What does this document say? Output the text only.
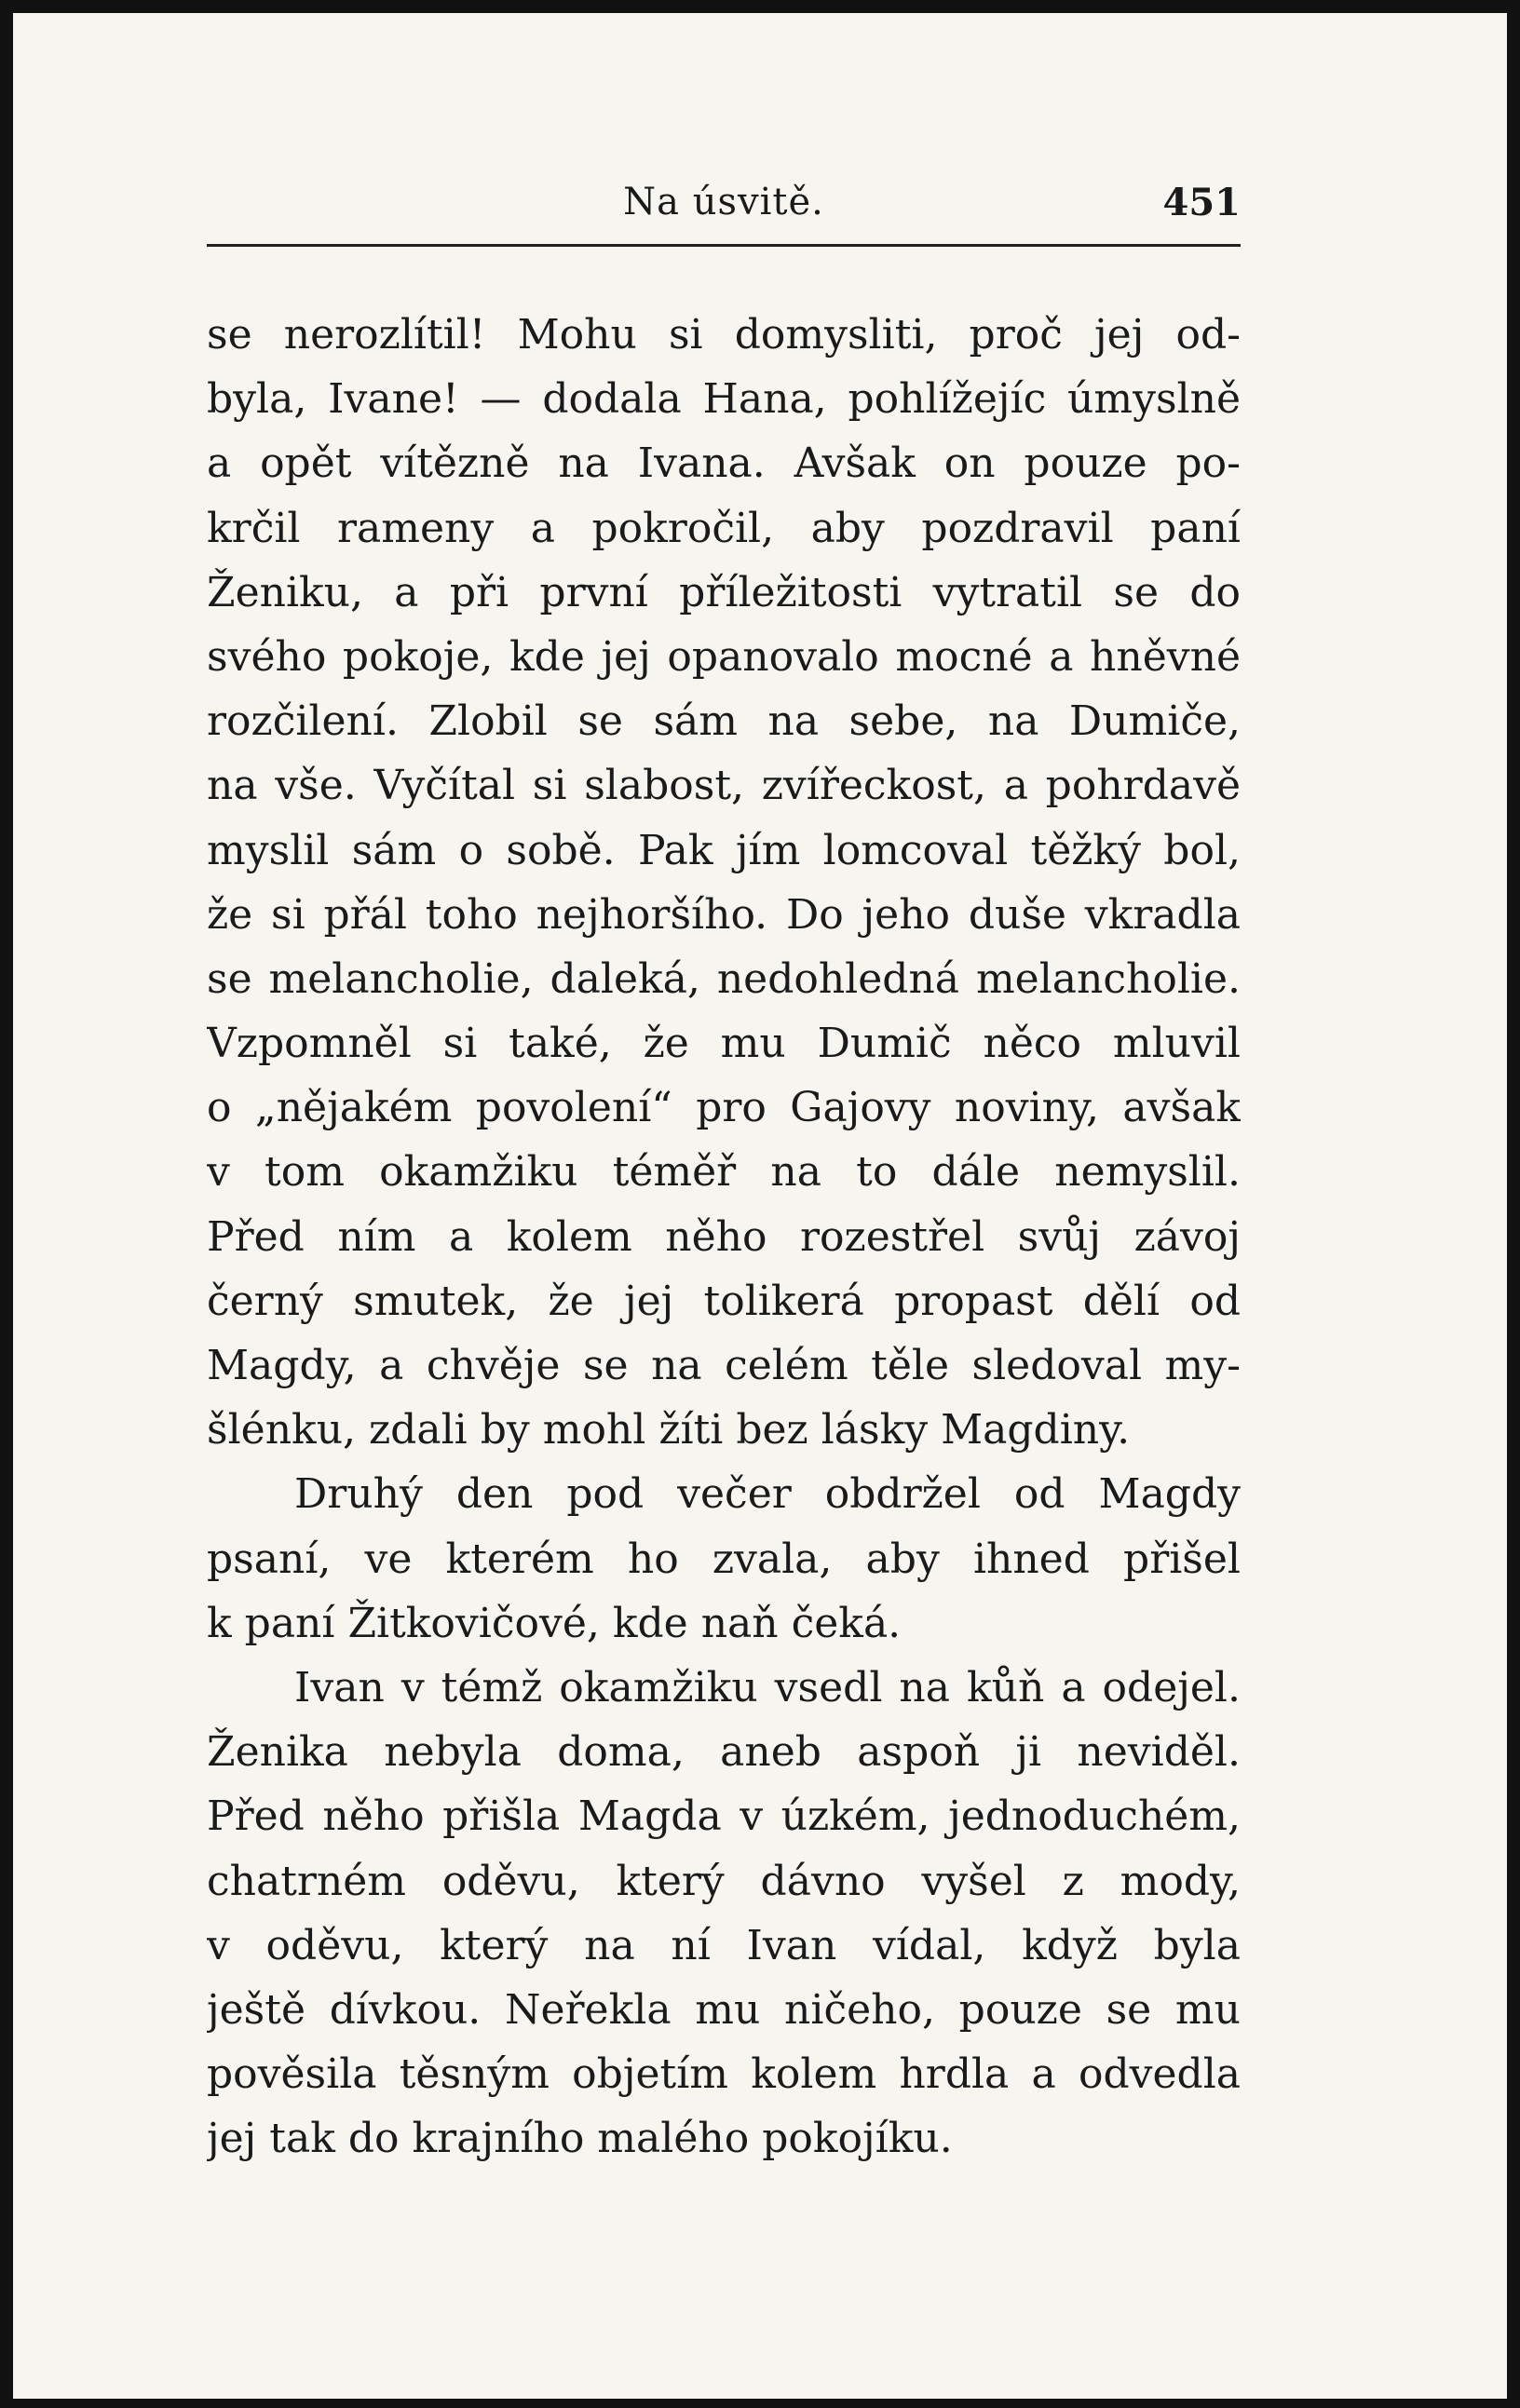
Na úsvitě.	451
se nerozlítil! Mohu si domysliti, proč jej od-
byla, Ivane! — dodala Hana, pohlížejíc úmyslně
a opět vítězně na Ivana. Avšak on pouze po-
krčil rameny a pokročil, aby pozdravil paní
Ženiku, a při první příležitosti vytratil se do
svého pokoje, kde jej opanovalo mocné a hněvné
rozčilení. Zlobil se sám na sebe, na Dumiče,
na vše. Vyčítal si slabost, zvířeckost, a pohrdavě
myslil sám o sobě. Pak jím lomcoval těžký bol,
že si přál toho nejhoršího. Do jeho duše vkradla
se melancholie, daleká, nedohledná melancholie.
Vzpomněl si také, že mu Dumič něco mluvil
o „nějakém povolení“ pro Gajovy noviny, avšak
v tom okamžiku téměř na to dále nemyslil.
Před ním a kolem něho rozestřel svůj závoj
černý smutek, že jej tolikerá propast dělí od
Magdy, a chvěje se na celém těle sledoval my-
šlénku, zdali by mohl žíti bez lásky Magdiny.
Druhý den pod večer obdržel od Magdy
psaní, ve kterém ho zvala, aby ihned přišel
k paní Žitkovičové, kde naň čeká.
Ivan v témž okamžiku vsedl na kůň a odejel.
Ženika nebyla doma, aneb aspoň ji neviděl.
Před něho přišla Magda v úzkém, jednoduchém,
chatrném oděvu, který dávno vyšel z mody,
v oděvu, který na ní Ivan vídal, když byla
ještě dívkou. Neřekla mu ničeho, pouze se mu
pověsila těsným objetím kolem hrdla a odvedla
jej tak do krajního malého pokojíku.
